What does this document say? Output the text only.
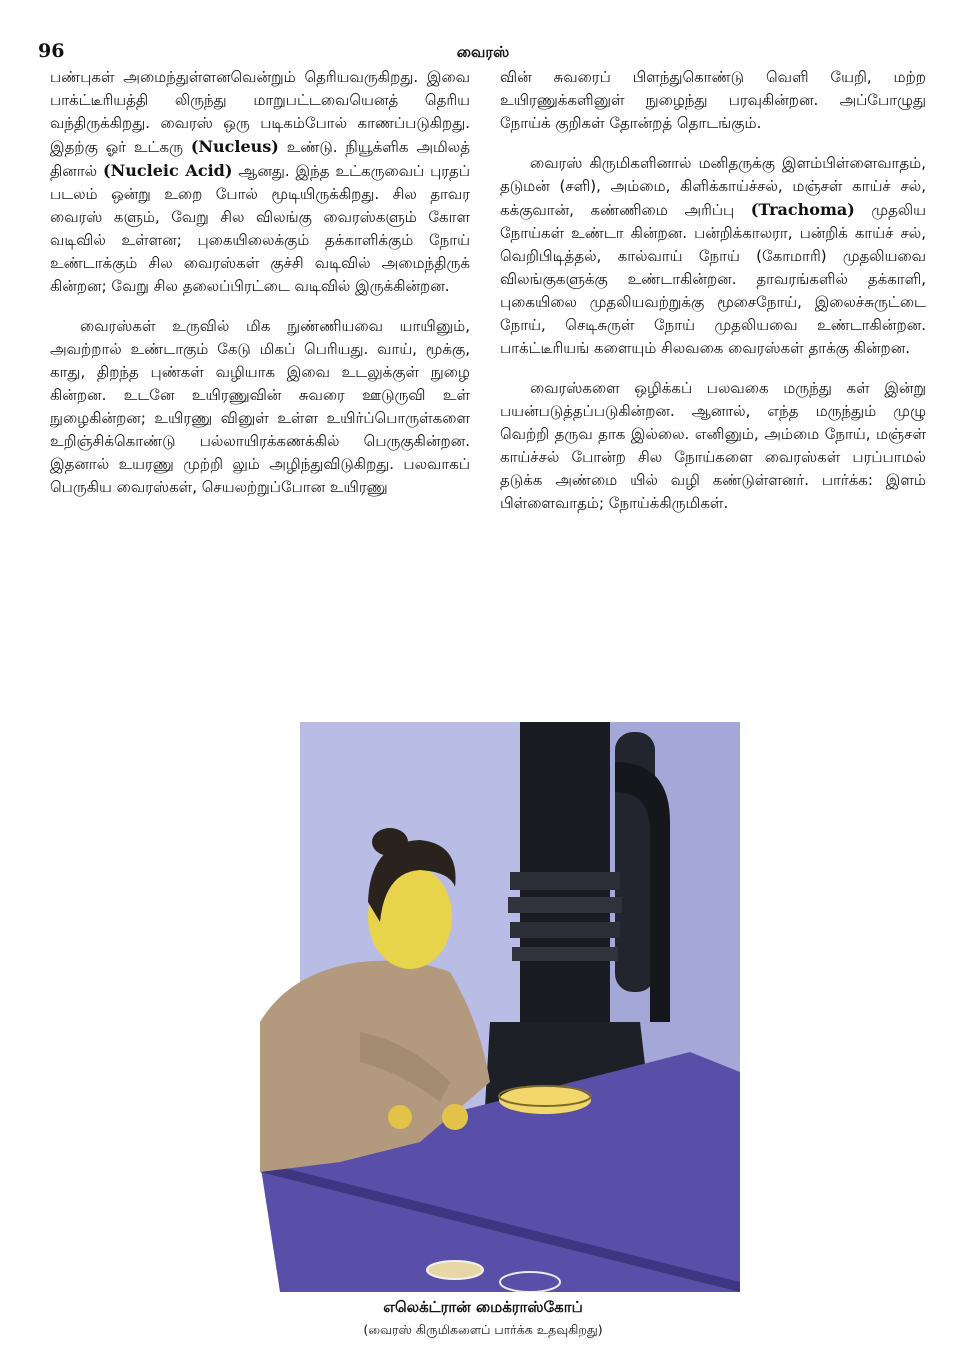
96	வைரஸ்

பண்புகள் அமைந்துள்ளனவென்றும் தெரியவருகிறது. இவை பாக்ட்டீரியத்தி லிருந்து மாறுபட்டவையெனத் தெரிய வந்திருக்கிறது. வைரஸ் ஒரு படிகம்போல் காணப்படுகிறது. இதற்கு ஓர் உட்கரு (Nucleus) உண்டு. நியூக்ளிக அமிலத் தினால் (Nucleic Acid) ஆனது. இந்த உட்கருவைப் புரதப் படலம் ஒன்று உறை போல் மூடியிருக்கிறது. சில தாவர வைரஸ் களும், வேறு சில விலங்கு வைரஸ்களும் கோள வடிவில் உள்ளன; புகையிலைக்கும் தக்காளிக்கும் நோய் உண்டாக்கும் சில வைரஸ்கள் குச்சி வடிவில் அமைந்திருக் கின்றன; வேறு சில தலைப்பிரட்டை வடிவில் இருக்கின்றன.

வைரஸ்கள் உருவில் மிக நுண்ணியவை யாயினும், அவற்றால் உண்டாகும் கேடு மிகப் பெரியது. வாய், மூக்கு, காது, திறந்த புண்கள் வழியாக இவை உடலுக்குள் நுழை கின்றன. உடனே உயிரணுவின் சுவரை ஊடுருவி உள் நுழைகின்றன; உயிரணு வினுள் உள்ள உயிர்ப்பொருள்களை உறிஞ்சிக்கொண்டு பல்லாயிரக்கணக்கில் பெருகுகின்றன. இதனால் உயரணு முற்றி லும் அழிந்துவிடுகிறது. பலவாகப் பெருகிய வைரஸ்கள், செயலற்றுப்போன உயிரணு

வின் சுவரைப் பிளந்துகொண்டு வெளி யேறி, மற்ற உயிரணுக்களினுள் நுழைந்து பரவுகின்றன. அப்போழுது நோய்க் குறிகள் தோன்றத் தொடங்கும்.

வைரஸ் கிருமிகளினால் மனிதருக்கு இளம்பிள்ளைவாதம், தடுமன் (சளி), அம்மை, கிளிக்காய்ச்சல், மஞ்சள் காய்ச் சல், கக்குவான், கண்ணிமை அரிப்பு (Trachoma) முதலிய நோய்கள் உண்டா கின்றன. பன்றிக்காலரா, பன்றிக் காய்ச் சல், வெறிபிடித்தல், கால்வாய் நோய் (கோமாரி) முதலியவை விலங்குகளுக்கு உண்டாகின்றன. தாவரங்களில் தக்காளி, புகையிலை முதலியவற்றுக்கு மூசைநோய், இலைச்சுருட்டை நோய், செடிசுருள் நோய் முதலியவை உண்டாகின்றன. பாக்ட்டீரியங் களையும் சிலவகை வைரஸ்கள் தாக்கு கின்றன.

வைரஸ்களை ஒழிக்கப் பலவகை மருந்து கள் இன்று பயன்படுத்தப்படுகின்றன. ஆனால், எந்த மருந்தும் முழு வெற்றி தருவ தாக இல்லை. எனினும், அம்மை நோய், மஞ்சள் காய்ச்சல் போன்ற சில நோய்களை வைரஸ்கள் பரப்பாமல் தடுக்க அண்மை யில் வழி கண்டுள்ளனர். பார்க்க: இளம் பிள்ளைவாதம்; நோய்க்கிருமிகள்.

எலெக்ட்ரான் மைக்ராஸ்கோப்
(வைரஸ் கிருமிகளைப் பார்க்க உதவுகிறது)
